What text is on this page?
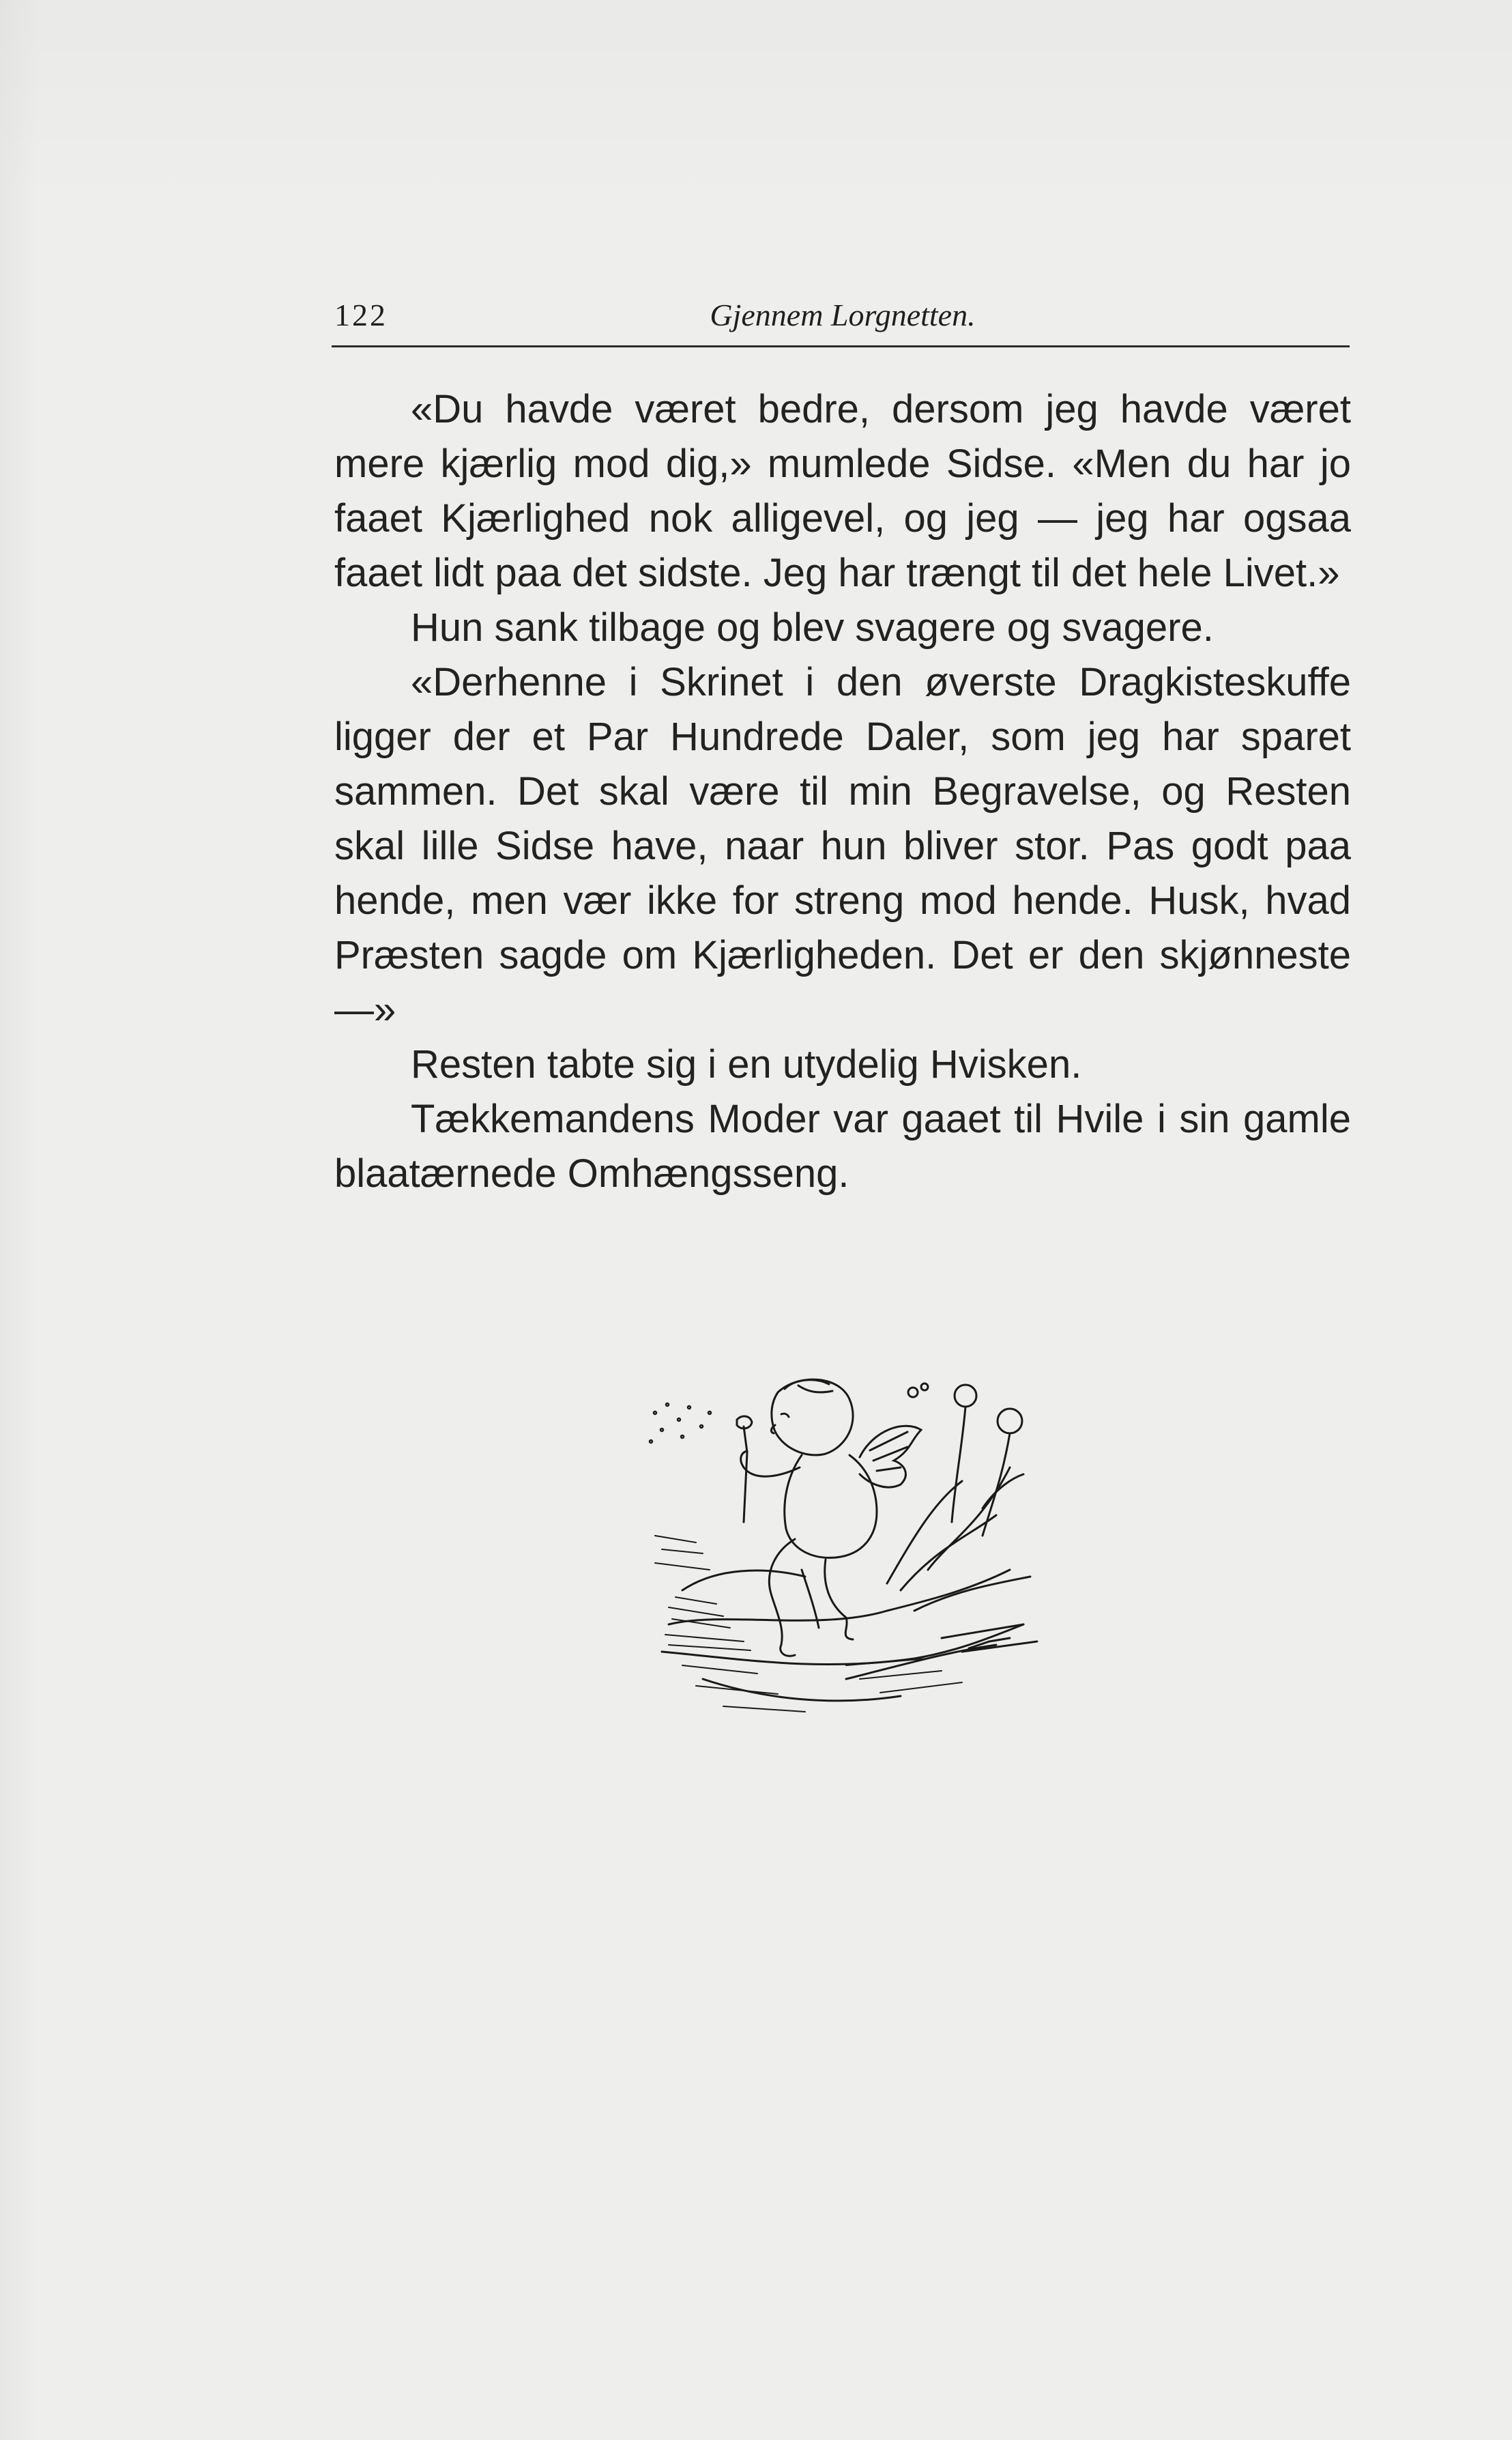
122	Gjennem Lorgnetten.

«Du havde været bedre, dersom jeg havde været mere kjærlig mod dig,» mumlede Sidse. «Men du har jo faaet Kjærlighed nok alligevel, og jeg — jeg har ogsaa faaet lidt paa det sidste. Jeg har trængt til det hele Livet.»

Hun sank tilbage og blev svagere og svagere.

«Derhenne i Skrinet i den øverste Dragkisteskuffe ligger der et Par Hundrede Daler, som jeg har sparet sammen. Det skal være til min Begravelse, og Resten skal lille Sidse have, naar hun bliver stor. Pas godt paa hende, men vær ikke for streng mod hende. Husk, hvad Præsten sagde om Kjærligheden. Det er den skjønneste —»

Resten tabte sig i en utydelig Hvisken.

Tækkemandens Moder var gaaet til Hvile i sin gamle blaatærnede Omhængsseng.
